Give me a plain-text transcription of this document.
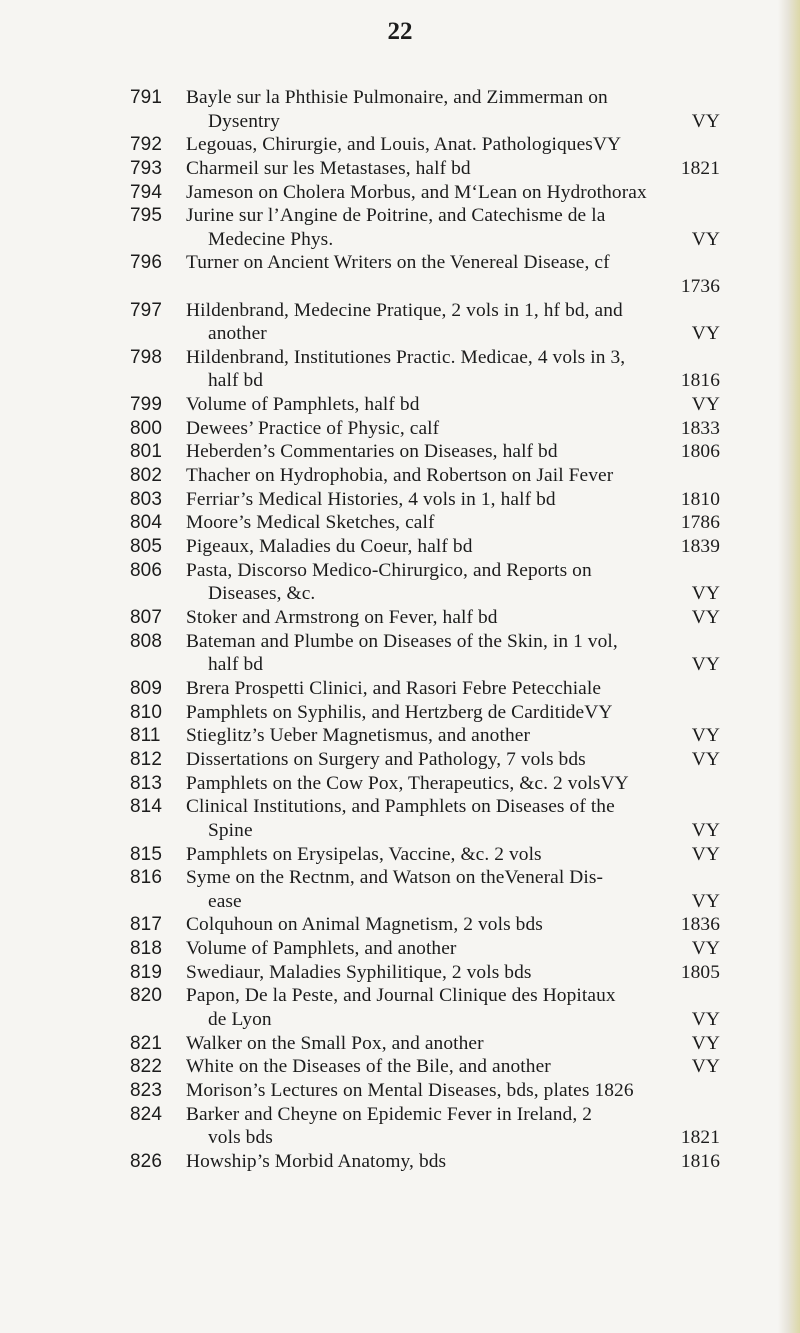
22
791	Bayle sur la Phthisie Pulmonaire, and Zimmerman on
Dysentry	VY
792	Legouas, Chirurgie, and Louis, Anat. PathologiquesVY
793	Charmeil sur les Metastases, half bd	1821
794	Jameson on Cholera Morbus, and M‘Lean on Hydrothorax
795	Jurine sur l’Angine de Poitrine, and Catechisme de la
Medecine Phys.	VY
796	Turner on Ancient Writers on the Venereal Disease, cf
1736
797	Hildenbrand, Medecine Pratique, 2 vols in 1, hf bd, and
another	VY
798	Hildenbrand, Institutiones Practic. Medicae, 4 vols in 3,
half bd	1816
799	Volume of Pamphlets, half bd	VY
800	Dewees’ Practice of Physic, calf	1833
801	Heberden’s Commentaries on Diseases, half bd	1806
802	Thacher on Hydrophobia, and Robertson on Jail Fever
803	Ferriar’s Medical Histories, 4 vols in 1, half bd	1810
804	Moore’s Medical Sketches, calf	1786
805	Pigeaux, Maladies du Coeur, half bd	1839
806	Pasta, Discorso Medico-Chirurgico, and Reports on
Diseases, &c.	VY
807	Stoker and Armstrong on Fever, half bd	VY
808	Bateman and Plumbe on Diseases of the Skin, in 1 vol,
half bd	VY
809	Brera Prospetti Clinici, and Rasori Febre Petecchiale
810	Pamphlets on Syphilis, and Hertzberg de CarditideVY
811	Stieglitz’s Ueber Magnetismus, and another	VY
812	Dissertations on Surgery and Pathology, 7 vols bds	VY
813	Pamphlets on the Cow Pox, Therapeutics, &c. 2 volsVY
814	Clinical Institutions, and Pamphlets on Diseases of the
Spine	VY
815	Pamphlets on Erysipelas, Vaccine, &c. 2 vols	VY
816	Syme on the Rectnm, and Watson on theVeneral Dis-
ease	VY
817	Colquhoun on Animal Magnetism, 2 vols bds	1836
818	Volume of Pamphlets, and another	VY
819	Swediaur, Maladies Syphilitique, 2 vols bds	1805
820	Papon, De la Peste, and Journal Clinique des Hopitaux
de Lyon	VY
821	Walker on the Small Pox, and another	VY
822	White on the Diseases of the Bile, and another	VY
823	Morison’s Lectures on Mental Diseases, bds, plates 1826
824	Barker and Cheyne on Epidemic Fever in Ireland, 2
vols bds	1821
826	Howship’s Morbid Anatomy, bds	1816
